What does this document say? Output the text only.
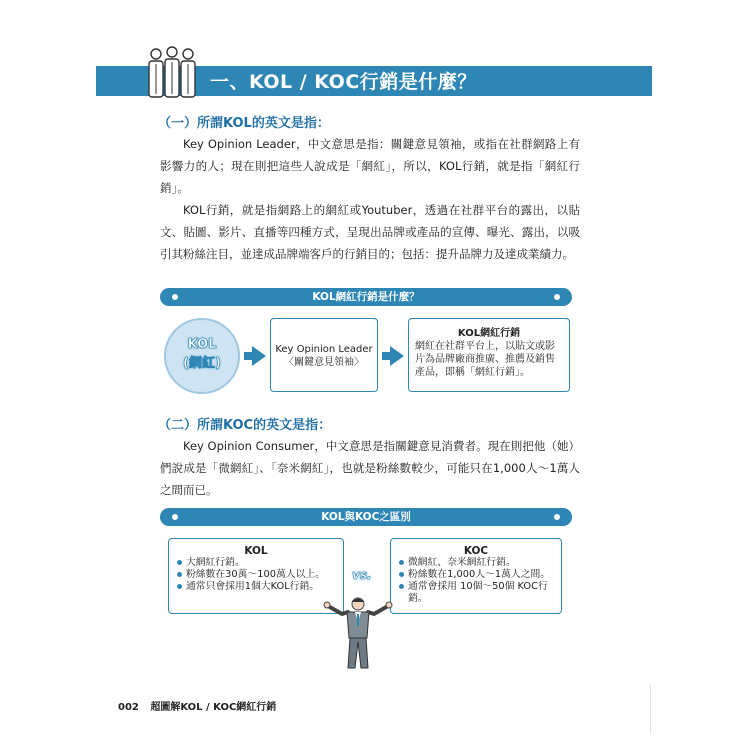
一、KOL / KOC行銷是什麼？
（一）所謂KOL的英文是指：

Key Opinion Leader，中文意思是指：關鍵意見領袖，或指在社群網路上有影響力的人；現在則把這些人說成是「網紅」，所以，KOL行銷，就是指「網紅行銷」。

KOL行銷，就是指網路上的網紅或Youtuber，透過在社群平台的露出，以貼文、貼圖、影片、直播等四種方式，呈現出品牌或產品的宣傳、曝光、露出，以吸引其粉絲注目，並達成品牌端客戶的行銷目的；包括：提升品牌力及達成業績力。

KOL網紅行銷是什麼？
KOL
(網紅)
Key Opinion Leader
〈關鍵意見領袖〉
KOL網紅行銷
網紅在社群平台上，以貼文或影
片為品牌廠商推廣、推薦及銷售
產品，即稱「網紅行銷」。
（二）所謂KOC的英文是指：

Key Opinion Consumer，中文意思是指關鍵意見消費者。現在則把他（她）們說成是「微網紅」、「奈米網紅」，也就是粉絲數較少，可能只在1,000人～1萬人之間而已。

KOL與KOC之區別
KOL
大網紅行銷。
粉絲數在30萬～100萬人以上。
通常只會採用1個大KOL行銷。
vs.
KOC
微網紅、奈米網紅行銷。
粉絲數在1,000人～1萬人之間。
通常會採用 10個～50個 KOC行銷。
002 超圖解KOL / KOC網紅行銷
